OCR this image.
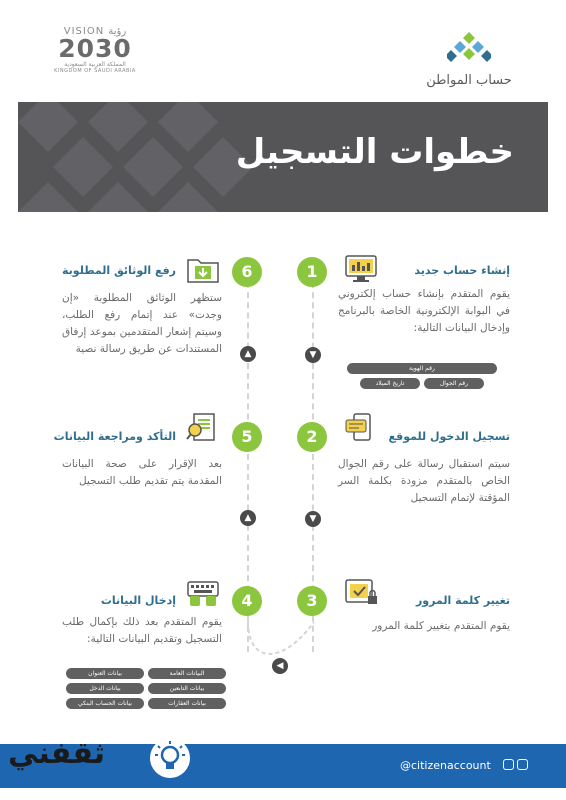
VISION رؤية
2030
المملكة العربية السعودية
KINGDOM OF SAUDI ARABIA
حساب المواطن
خطوات التسجيل
1	إنشاء حساب جديد
يقوم المتقدم بإنشاء حساب إلكتروني في البوابة الإلكترونية الخاصة بالبرنامج وإدخال البيانات التالية:
رقم الهوية
رقم الجوال
تاريخ الميلاد
▼
6
رفع الوثائق المطلوبة
ستظهر الوثائق المطلوبة «إن وجدت» عند إتمام رفع الطلب، وسيتم إشعار المتقدمين بموعد إرفاق المستندات عن طريق رسالة نصية	▲
2	تسجيل الدخول للموقع
سيتم استقبال رسالة على رقم الجوال الخاص بالمتقدم مزودة بكلمة السر المؤقتة لإتمام التسجيل
▼
5
التأكد ومراجعة البيانات
بعد الإقرار على صحة البيانات المقدمة يتم تقديم طلب التسجيل
▲
3	تغيير كلمة المرور
يقوم المتقدم بتغيير كلمة المرور
4
إدخال البيانات
يقوم المتقدم بعد ذلك بإكمال طلب التسجيل وتقديم البيانات التالية:
البيانات العامة
بيانات العنوان
بيانات التابعين
بيانات الدخل
بيانات العقارات
بيانات الحساب البنكي
◀
ثقفني	@citizenaccount
